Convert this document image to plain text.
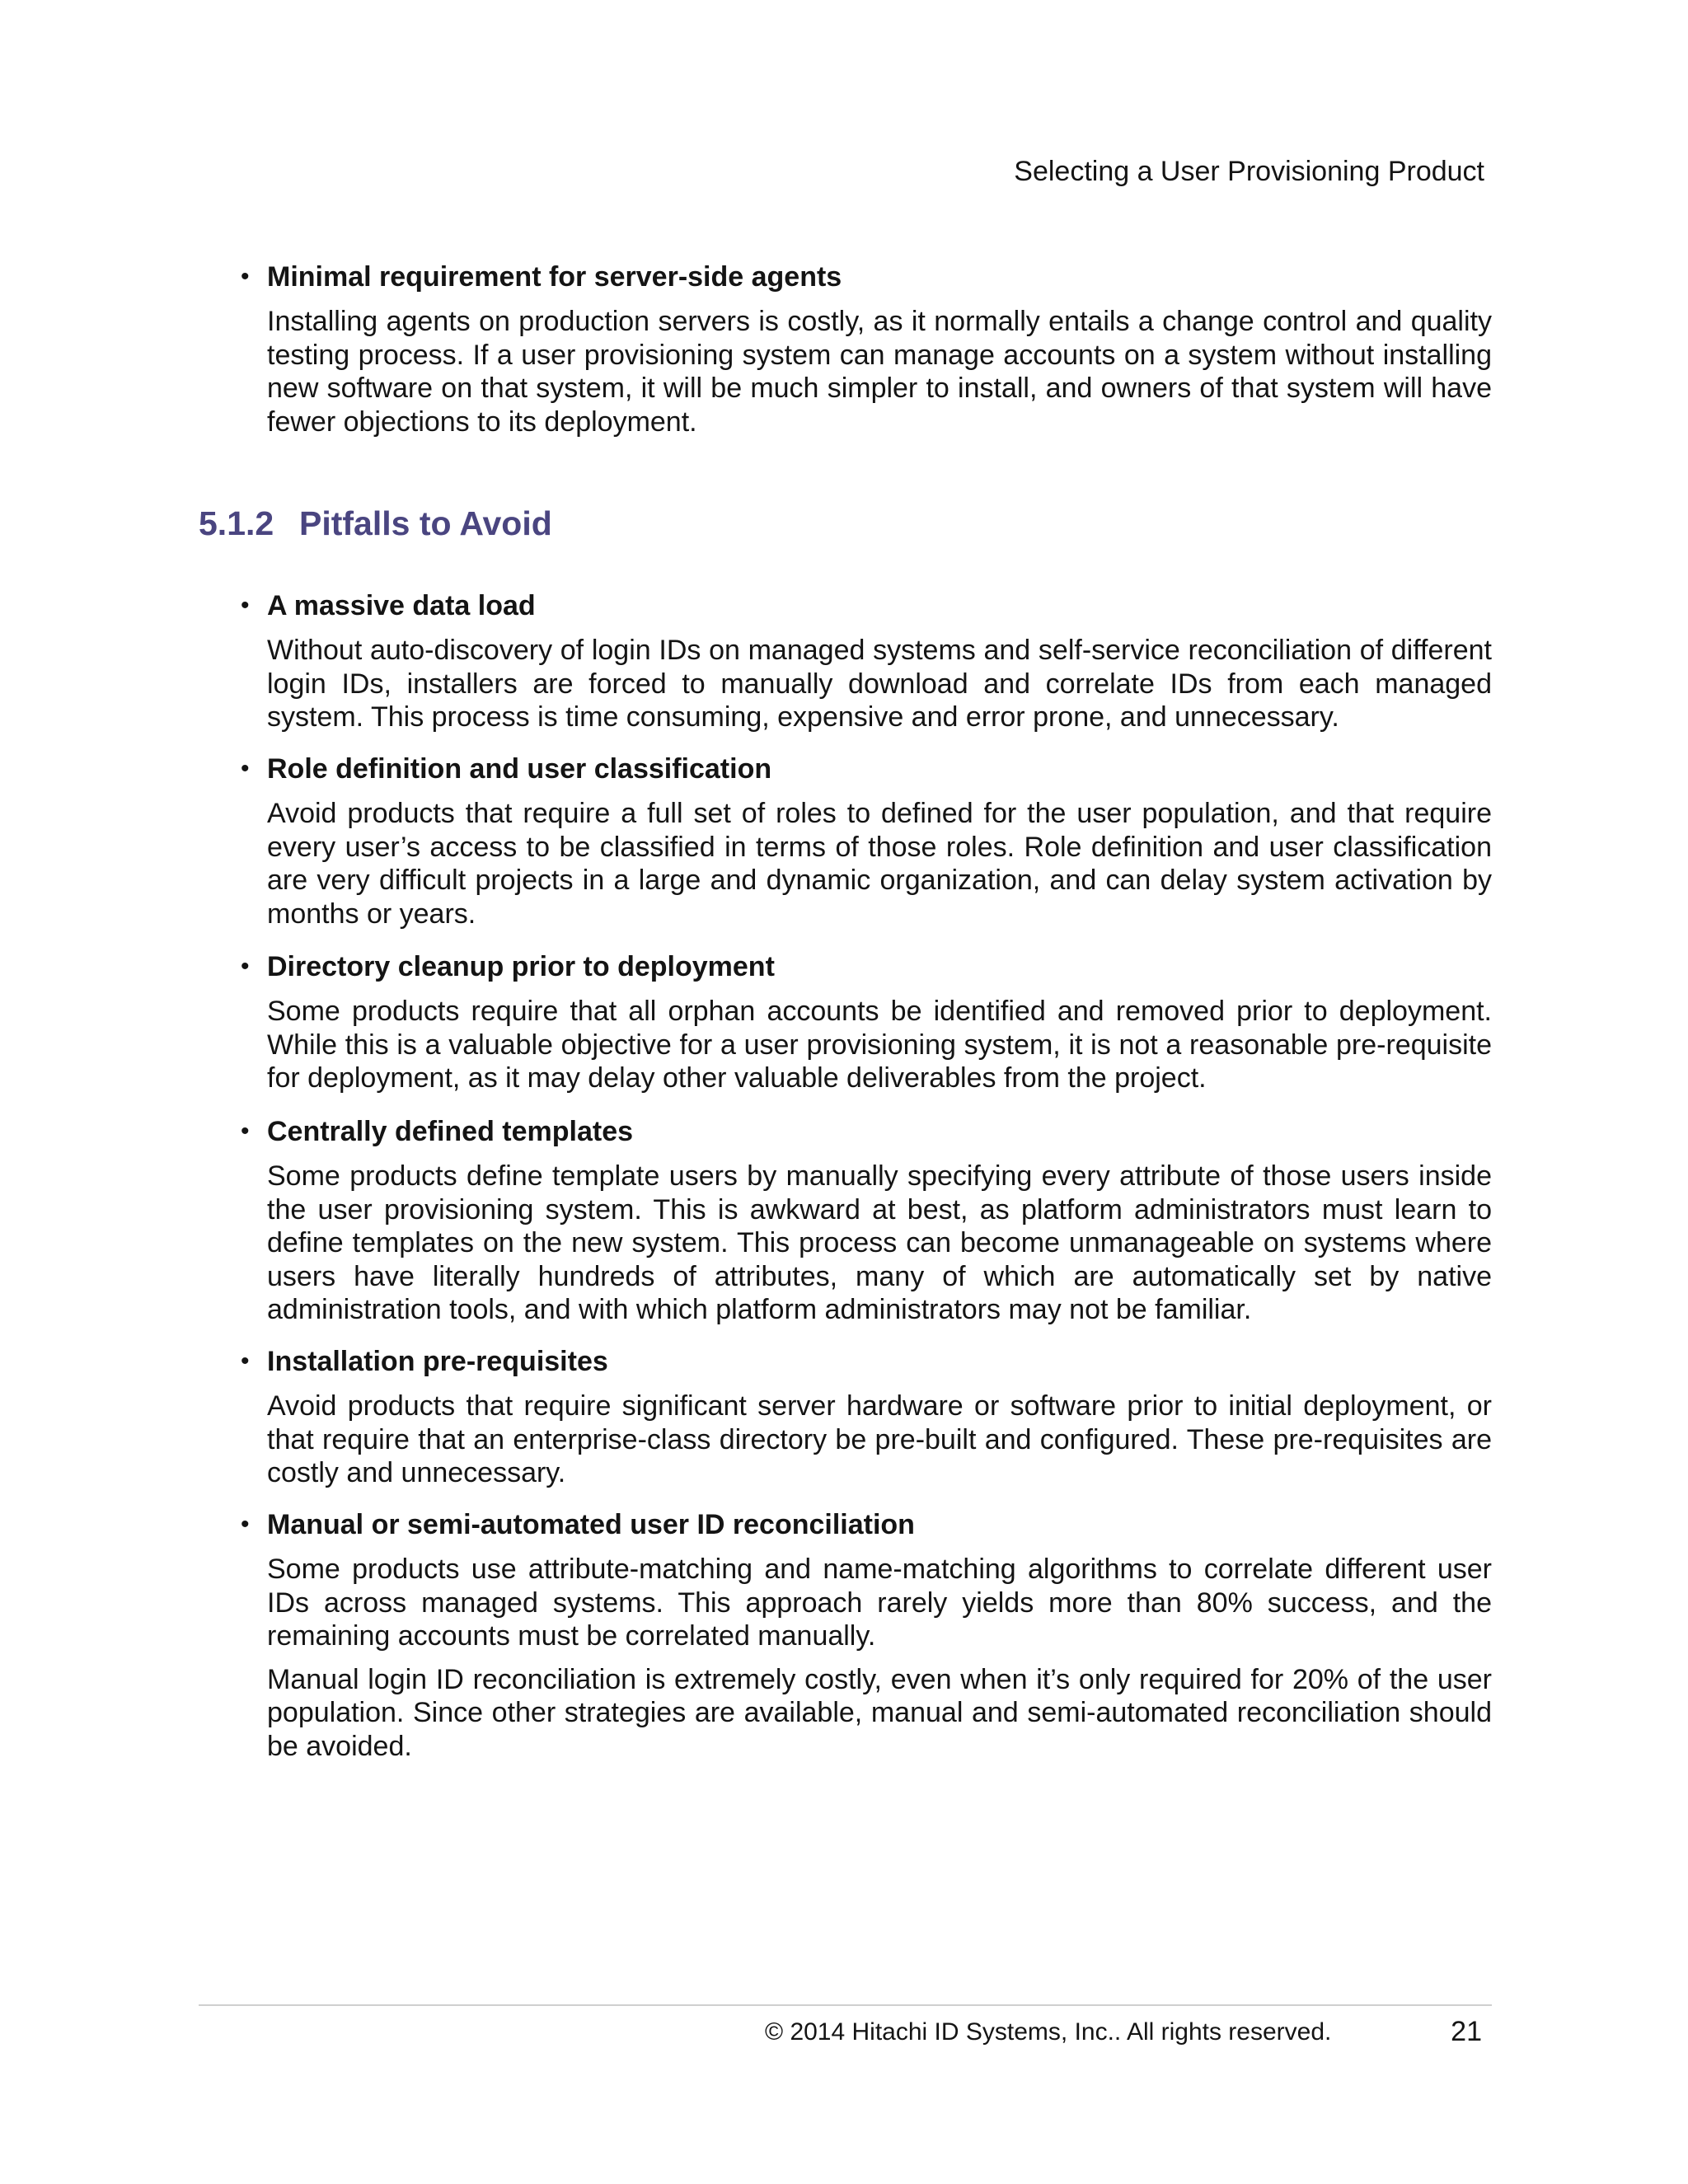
Selecting a User Provisioning Product
• Minimal requirement for server-side agents
Installing agents on production servers is costly, as it normally entails a change control and quality testing process. If a user provisioning system can manage accounts on a system without installing new software on that system, it will be much simpler to install, and owners of that system will have fewer objections to its deployment.
5.1.2 Pitfalls to Avoid
• A massive data load
Without auto-discovery of login IDs on managed systems and self-service reconciliation of different login IDs, installers are forced to manually download and correlate IDs from each managed system. This process is time consuming, expensive and error prone, and unnecessary.
• Role definition and user classification
Avoid products that require a full set of roles to defined for the user population, and that require every user’s access to be classified in terms of those roles. Role definition and user classification are very difficult projects in a large and dynamic organization, and can delay system activation by months or years.
• Directory cleanup prior to deployment
Some products require that all orphan accounts be identified and removed prior to deployment. While this is a valuable objective for a user provisioning system, it is not a reasonable pre-requisite for deployment, as it may delay other valuable deliverables from the project.
• Centrally defined templates
Some products define template users by manually specifying every attribute of those users inside the user provisioning system. This is awkward at best, as platform administrators must learn to define templates on the new system. This process can become unmanageable on systems where users have literally hundreds of attributes, many of which are automatically set by native administration tools, and with which platform administrators may not be familiar.
• Installation pre-requisites
Avoid products that require significant server hardware or software prior to initial deployment, or that require that an enterprise-class directory be pre-built and configured. These pre-requisites are costly and unnecessary.
• Manual or semi-automated user ID reconciliation
Some products use attribute-matching and name-matching algorithms to correlate different user IDs across managed systems. This approach rarely yields more than 80% success, and the remaining accounts must be correlated manually.
Manual login ID reconciliation is extremely costly, even when it’s only required for 20% of the user population. Since other strategies are available, manual and semi-automated reconciliation should be avoided.
© 2014 Hitachi ID Systems, Inc.. All rights reserved.	21
